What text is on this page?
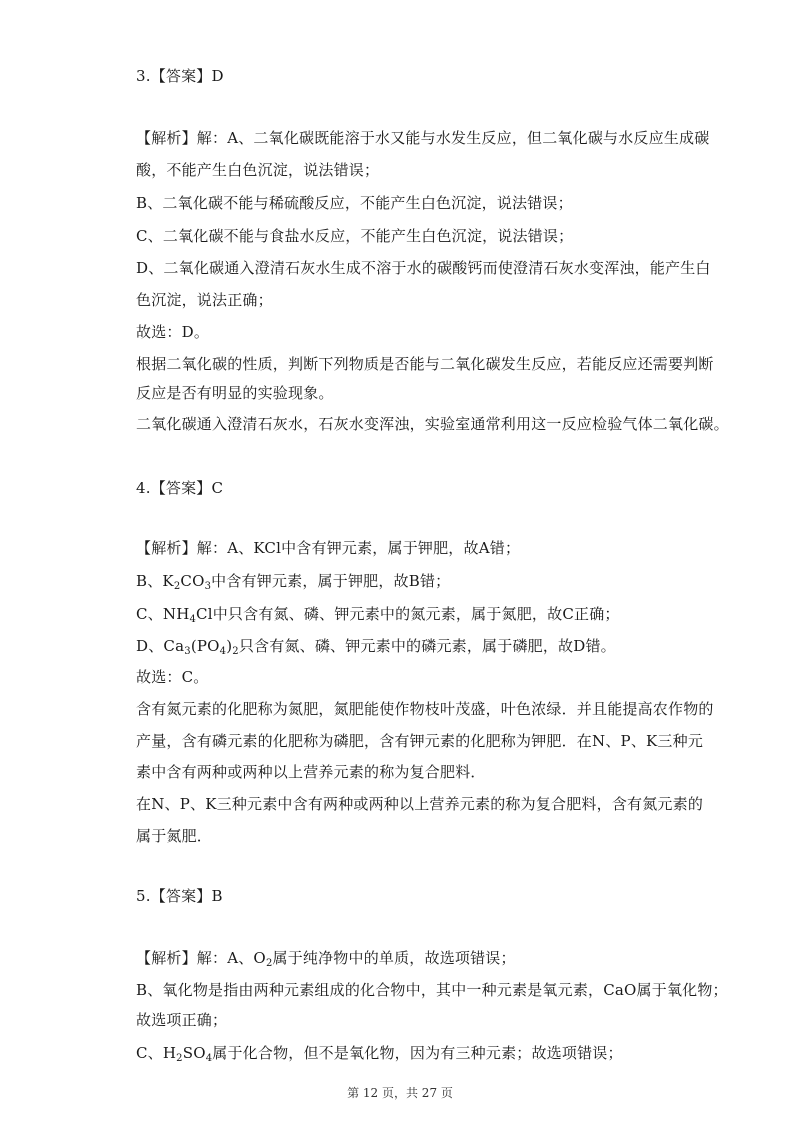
3.【答案】D
【解析】解：A、二氧化碳既能溶于水又能与水发生反应，但二氧化碳与水反应生成碳
酸，不能产生白色沉淀，说法错误；
B、二氧化碳不能与稀硫酸反应，不能产生白色沉淀，说法错误；
C、二氧化碳不能与食盐水反应，不能产生白色沉淀，说法错误；
D、二氧化碳通入澄清石灰水生成不溶于水的碳酸钙而使澄清石灰水变浑浊，能产生白
色沉淀，说法正确；
故选：D。
根据二氧化碳的性质，判断下列物质是否能与二氧化碳发生反应，若能反应还需要判断
反应是否有明显的实验现象。
二氧化碳通入澄清石灰水，石灰水变浑浊，实验室通常利用这一反应检验气体二氧化碳。
4.【答案】C
【解析】解：A、KCl中含有钾元素，属于钾肥，故A错；
B、$K_2CO_3$中含有钾元素，属于钾肥，故B错；
C、$NH_4Cl$中只含有氮、磷、钾元素中的氮元素，属于氮肥，故C正确；
D、$Ca_3(PO_4)_2$只含有氮、磷、钾元素中的磷元素，属于磷肥，故D错。
故选：C。
含有氮元素的化肥称为氮肥，氮肥能使作物枝叶茂盛，叶色浓绿．并且能提高农作物的
产量，含有磷元素的化肥称为磷肥，含有钾元素的化肥称为钾肥．在N、P、K三种元
素中含有两种或两种以上营养元素的称为复合肥料．
在N、P、K三种元素中含有两种或两种以上营养元素的称为复合肥料，含有氮元素的
属于氮肥．
5.【答案】B
【解析】解：A、$O_2$属于纯净物中的单质，故选项错误；
B、氧化物是指由两种元素组成的化合物中，其中一种元素是氧元素，CaO属于氧化物；
故选项正确；
C、$H_2SO_4$属于化合物，但不是氧化物，因为有三种元素；故选项错误；
第 12 页，共 27 页
